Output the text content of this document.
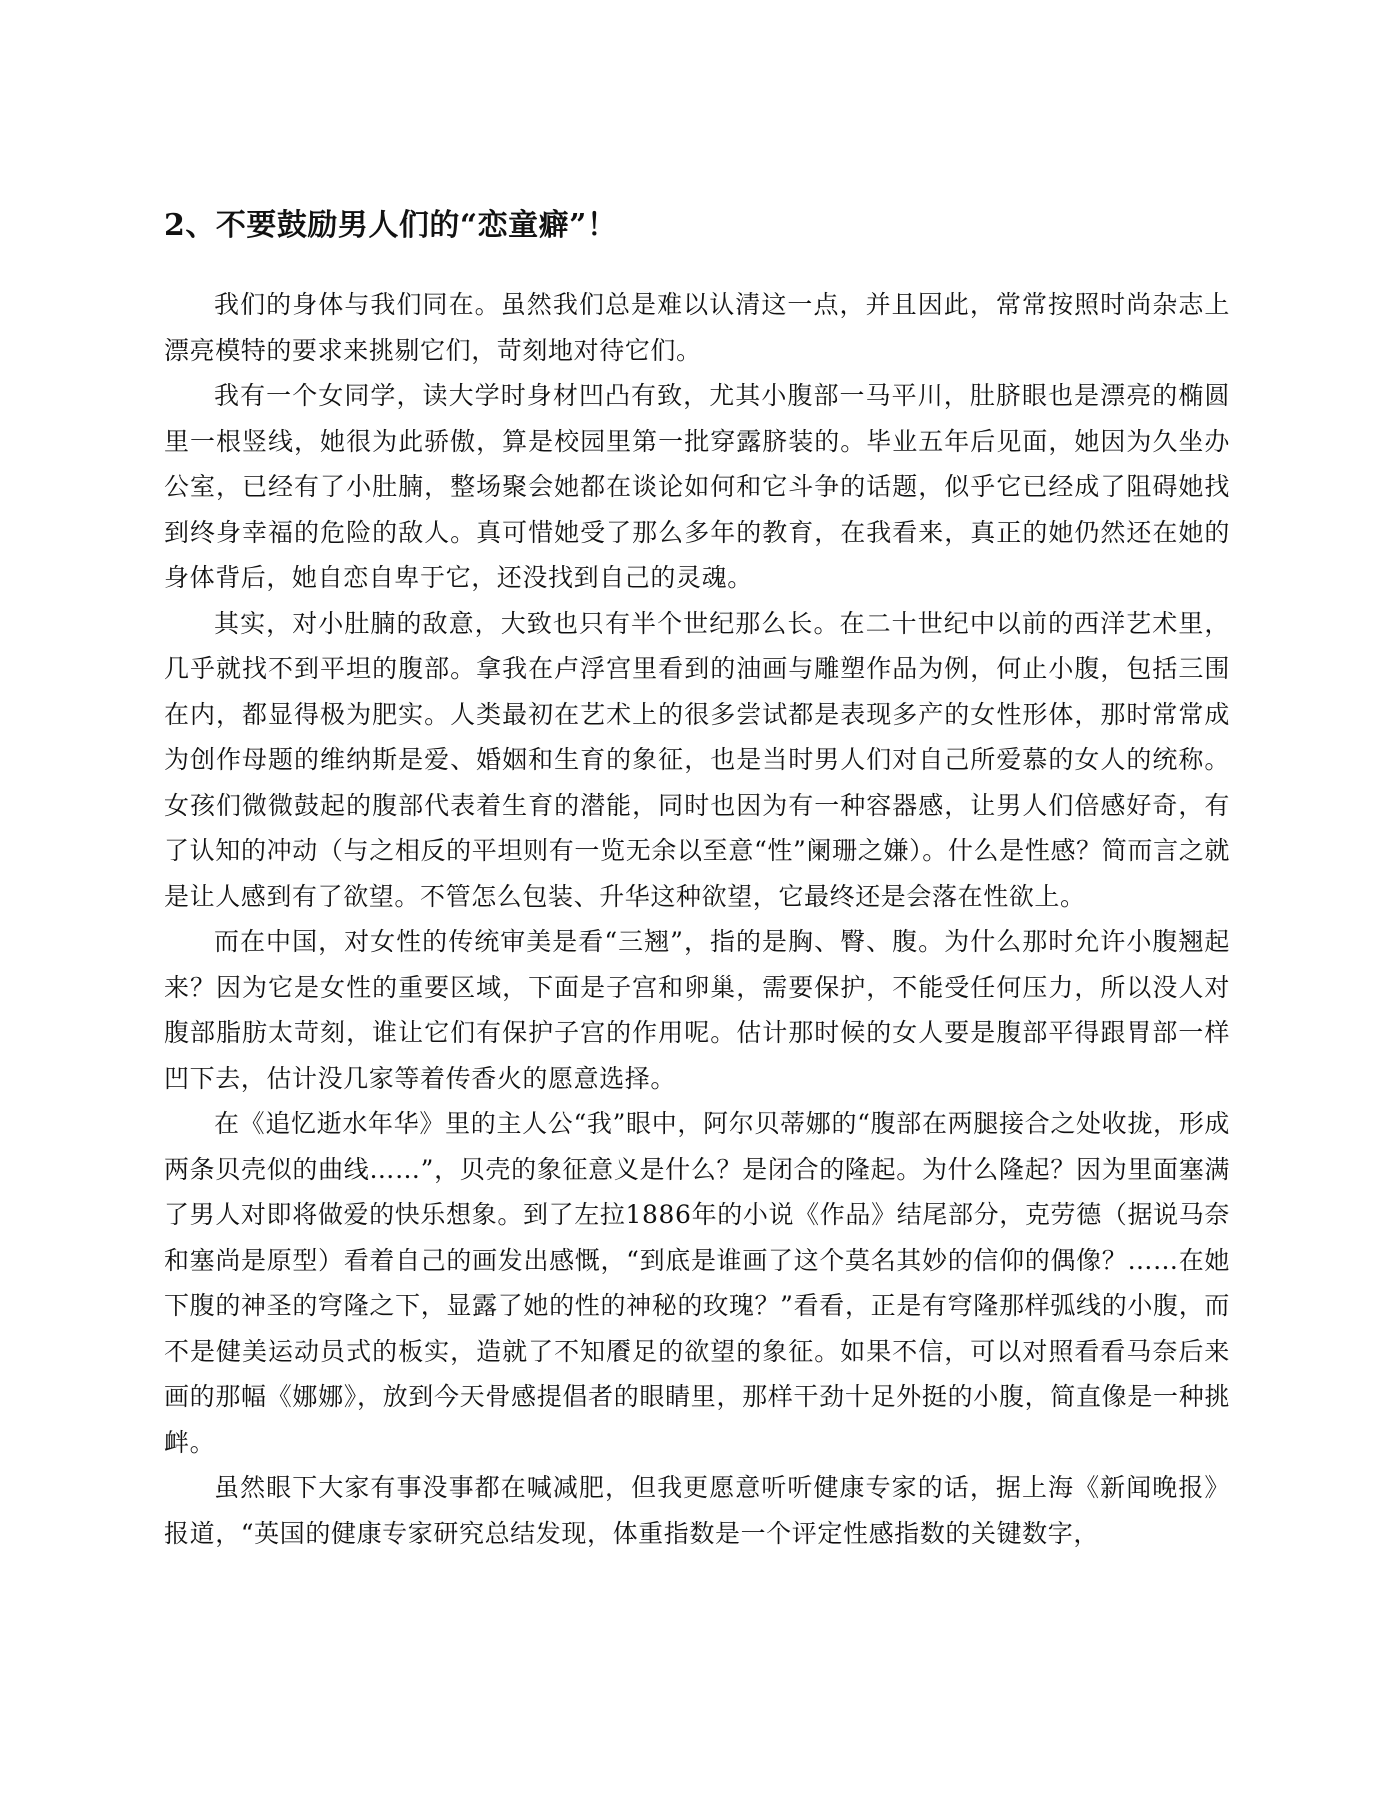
2、不要鼓励男人们的“恋童癖”！

我们的身体与我们同在。虽然我们总是难以认清这一点，并且因此，常常按照时尚杂志上漂亮模特的要求来挑剔它们，苛刻地对待它们。

我有一个女同学，读大学时身材凹凸有致，尤其小腹部一马平川，肚脐眼也是漂亮的椭圆里一根竖线，她很为此骄傲，算是校园里第一批穿露脐装的。毕业五年后见面，她因为久坐办公室，已经有了小肚腩，整场聚会她都在谈论如何和它斗争的话题，似乎它已经成了阻碍她找到终身幸福的危险的敌人。真可惜她受了那么多年的教育，在我看来，真正的她仍然还在她的身体背后，她自恋自卑于它，还没找到自己的灵魂。

其实，对小肚腩的敌意，大致也只有半个世纪那么长。在二十世纪中以前的西洋艺术里，几乎就找不到平坦的腹部。拿我在卢浮宫里看到的油画与雕塑作品为例，何止小腹，包括三围在内，都显得极为肥实。人类最初在艺术上的很多尝试都是表现多产的女性形体，那时常常成为创作母题的维纳斯是爱、婚姻和生育的象征，也是当时男人们对自己所爱慕的女人的统称。女孩们微微鼓起的腹部代表着生育的潜能，同时也因为有一种容器感，让男人们倍感好奇，有了认知的冲动（与之相反的平坦则有一览无余以至意“性”阑珊之嫌）。什么是性感？简而言之就是让人感到有了欲望。不管怎么包装、升华这种欲望，它最终还是会落在性欲上。

而在中国，对女性的传统审美是看“三翘”，指的是胸、臀、腹。为什么那时允许小腹翘起来？因为它是女性的重要区域，下面是子宫和卵巢，需要保护，不能受任何压力，所以没人对腹部脂肪太苛刻，谁让它们有保护子宫的作用呢。估计那时候的女人要是腹部平得跟胃部一样凹下去，估计没几家等着传香火的愿意选择。

在《追忆逝水年华》里的主人公“我”眼中，阿尔贝蒂娜的“腹部在两腿接合之处收拢，形成两条贝壳似的曲线……”，贝壳的象征意义是什么？是闭合的隆起。为什么隆起？因为里面塞满了男人对即将做爱的快乐想象。到了左拉1886年的小说《作品》结尾部分，克劳德（据说马奈和塞尚是原型）看着自己的画发出感慨，“到底是谁画了这个莫名其妙的信仰的偶像？……在她下腹的神圣的穹隆之下，显露了她的性的神秘的玫瑰？”看看，正是有穹隆那样弧线的小腹，而不是健美运动员式的板实，造就了不知餍足的欲望的象征。如果不信，可以对照看看马奈后来画的那幅《娜娜》，放到今天骨感提倡者的眼睛里，那样干劲十足外挺的小腹，简直像是一种挑衅。

虽然眼下大家有事没事都在喊减肥，但我更愿意听听健康专家的话，据上海《新闻晚报》报道，“英国的健康专家研究总结发现，体重指数是一个评定性感指数的关键数字，
